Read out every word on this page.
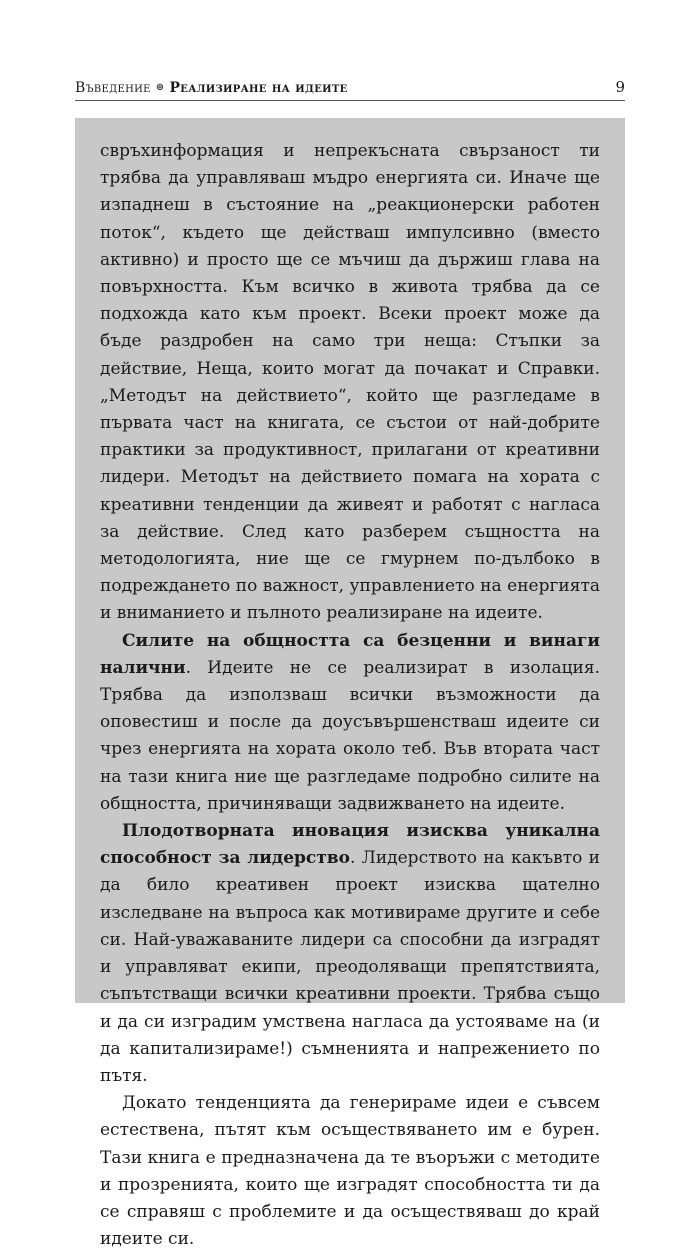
Въведение ⊛ Реализиране на идеите	9

свръхинформация и непрекъсната свързаност ти трябва да управляваш мъдро енергията си. Иначе ще изпаднеш в състояние на „реакционерски работен поток“, където ще действаш импулсивно (вместо активно) и просто ще се мъчиш да държиш глава на повърхността. Към всичко в живота трябва да се подхожда като към проект. Всеки проект може да бъде раздробен на само три неща: Стъпки за действие, Неща, които могат да почакат и Справки. „Методът на действието“, който ще разгледаме в първата част на книгата, се състои от най-добрите практики за продуктивност, прилагани от креативни лидери. Методът на действието помага на хората с креативни тенденции да живеят и работят с нагласа за действие. След като разберем същността на методологията, ние ще се гмурнем по-дълбоко в подреждането по важност, управлението на енергията и вниманието и пълното реализиране на идеите.

Силите на общността са безценни и винаги налични. Идеите не се реализират в изолация. Трябва да използваш всички възможности да оповестиш и после да доусъвършенстваш идеите си чрез енергията на хората около теб. Във втората част на тази книга ние ще разгледаме подробно силите на общността, причиняващи задвижването на идеите.

Плодотворната иновация изисква уникална способност за лидерство. Лидерството на какъвто и да било креативен проект изисква щателно изследване на въпроса как мотивираме другите и себе си. Най-уважаваните лидери са способни да изградят и управляват екипи, преодоляващи препятствията, съпътстващи всички креативни проекти. Трябва също и да си изградим умствена нагласа да устояваме на (и да капитализираме!) съмненията и напрежението по пътя.

Докато тенденцията да генерираме идеи е съвсем естествена, пътят към осъществяването им е бурен. Тази книга е предназначена да те въоръжи с методите и прозренията, които ще изградят способността ти да се справяш с проблемите и да осъществяваш до край идеите си.
